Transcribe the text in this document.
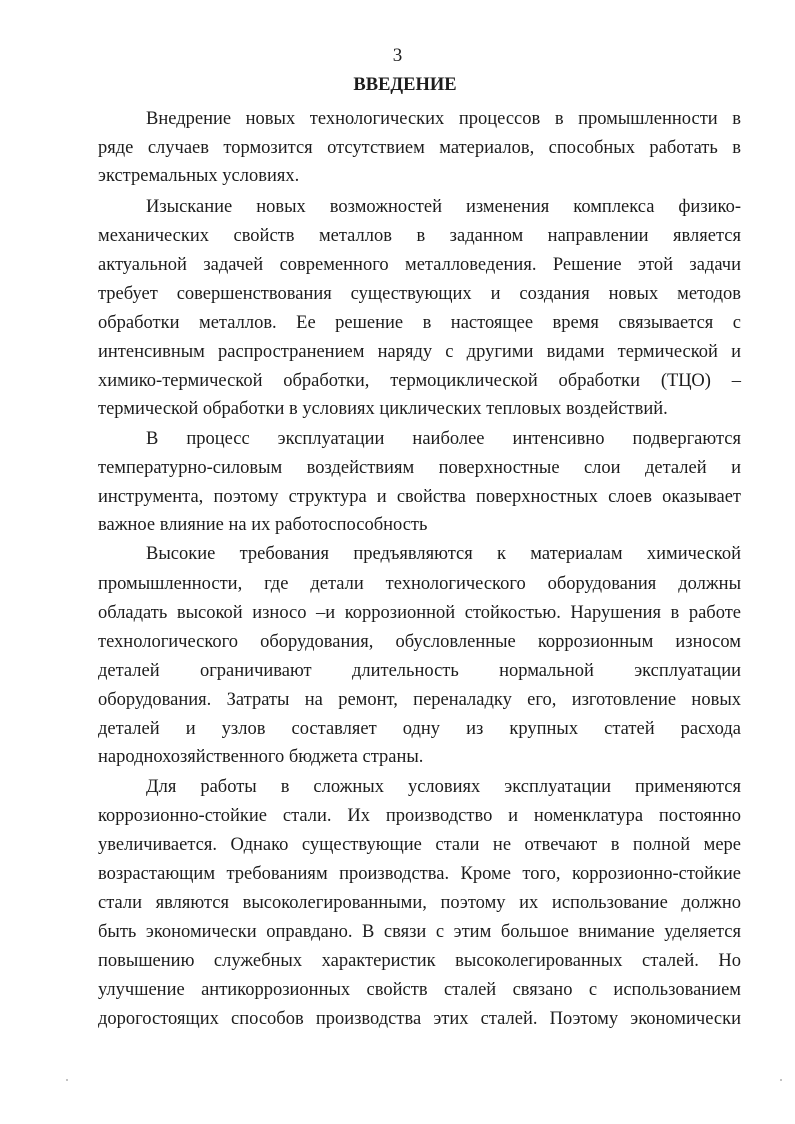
3
ВВЕДЕНИЕ
Внедрение новых технологических процессов в промышленности в
ряде случаев тормозится отсутствием материалов, способных работать в
экстремальных условиях.
Изыскание новых возможностей изменения комплекса физико-
механических свойств металлов в заданном направлении является
актуальной задачей современного металловедения. Решение этой задачи
требует совершенствования существующих и создания новых методов
обработки металлов. Ее решение в настоящее время связывается с
интенсивным распространением наряду с другими видами термической и
химико-термической обработки, термоциклической обработки (ТЦО) –
термической обработки в условиях циклических тепловых воздействий.
В процесс эксплуатации наиболее интенсивно подвергаются
температурно-силовым воздействиям поверхностные слои деталей и
инструмента, поэтому структура и свойства поверхностных слоев оказывает
важное влияние на их работоспособность
Высокие требования предъявляются к материалам химической
промышленности, где детали технологического оборудования должны
обладать высокой износо –и коррозионной стойкостью. Нарушения в работе
технологического оборудования, обусловленные коррозионным износом
деталей ограничивают длительность нормальной эксплуатации
оборудования. Затраты на ремонт, переналадку его, изготовление новых
деталей и узлов составляет одну из крупных статей расхода
народнохозяйственного бюджета страны.
Для работы в сложных условиях эксплуатации применяются
коррозионно-стойкие стали. Их производство и номенклатура постоянно
увеличивается. Однако существующие стали не отвечают в полной мере
возрастающим требованиям производства. Кроме того, коррозионно-стойкие
стали являются высоколегированными, поэтому их использование должно
быть экономически оправдано. В связи с этим большое внимание уделяется
повышению служебных характеристик высоколегированных сталей. Но
улучшение антикоррозионных свойств сталей связано с использованием
дорогостоящих способов производства этих сталей. Поэтому экономически
